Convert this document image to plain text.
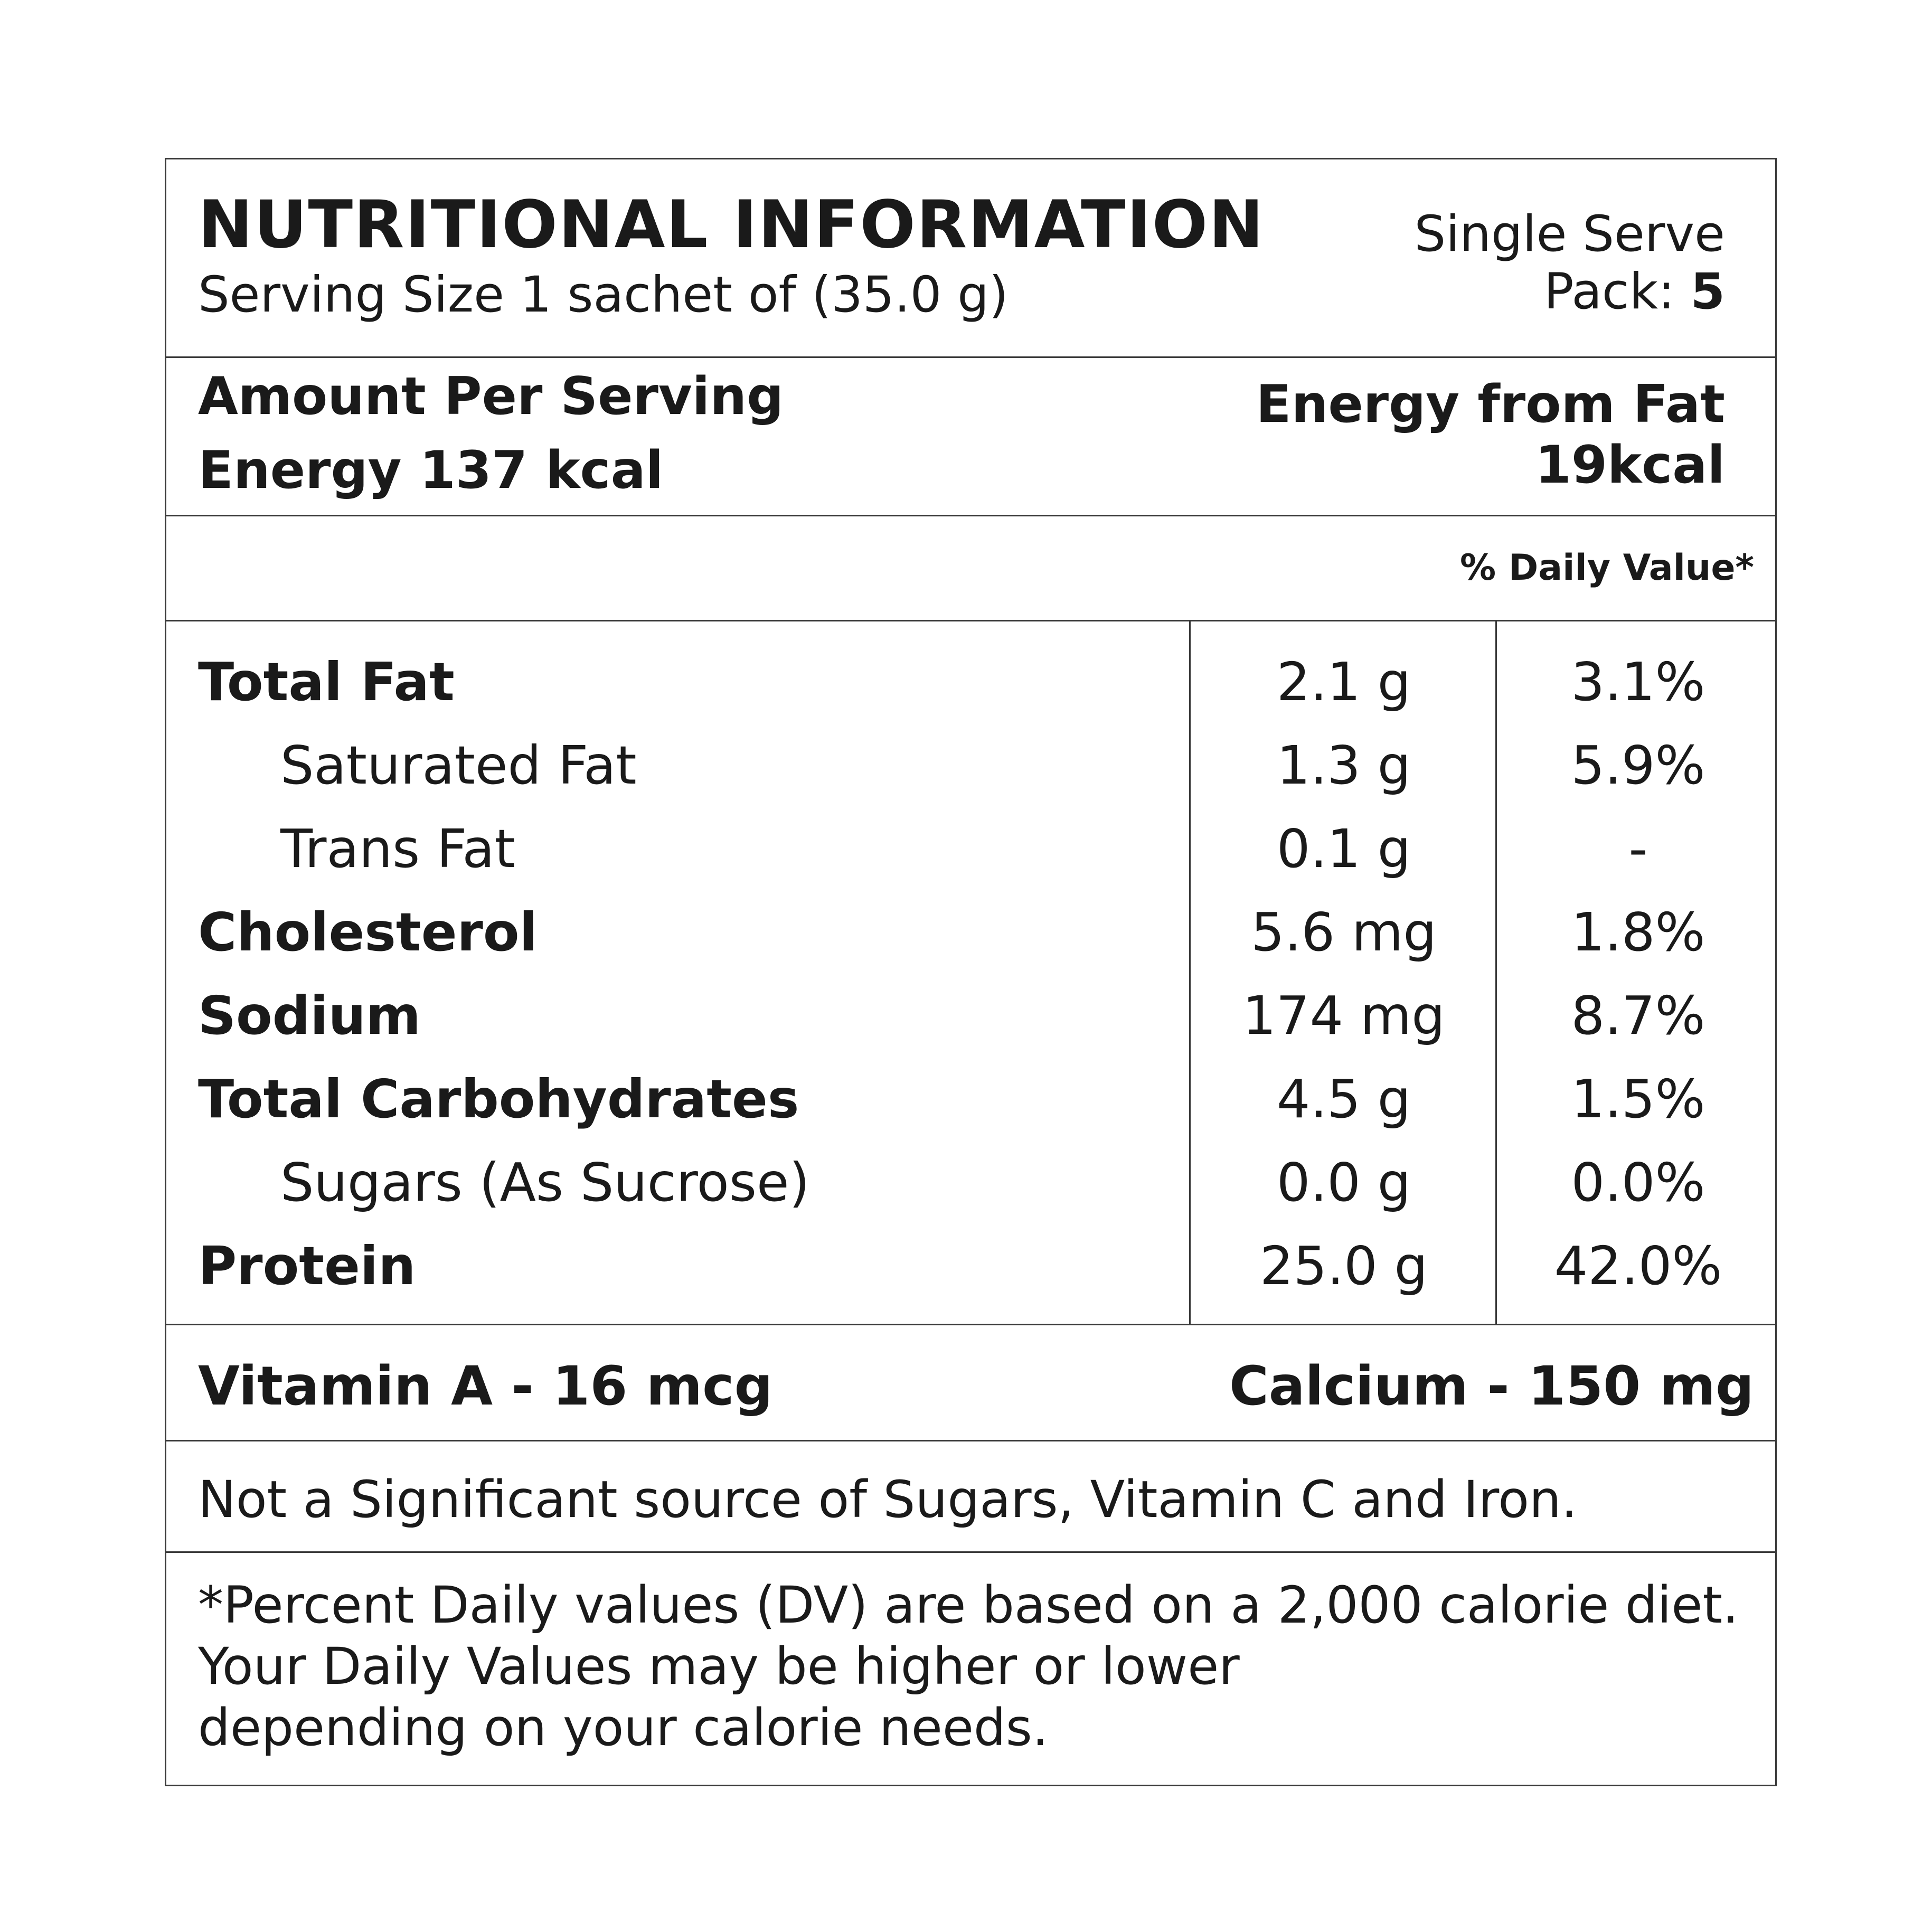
NUTRITIONAL INFORMATION
Serving Size 1 sachet of (35.0 g)
Single Serve
Pack: 5
Amount Per Serving
Energy 137 kcal
Energy from Fat
19kcal
% Daily Value*
Total Fat	2.1 g	3.1%
Saturated Fat	1.3 g	5.9%
Trans Fat	0.1 g	-
Cholesterol	5.6 mg	1.8%
Sodium	174 mg	8.7%
Total Carbohydrates	4.5 g	1.5%
Sugars (As Sucrose)	0.0 g	0.0%
Protein	25.0 g	42.0%
Vitamin A - 16 mcg	Calcium - 150 mg
Not a Significant source of Sugars, Vitamin C and Iron.
*Percent Daily values (DV) are based on a 2,000 calorie diet.
Your Daily Values may be higher or lower
depending on your calorie needs.
